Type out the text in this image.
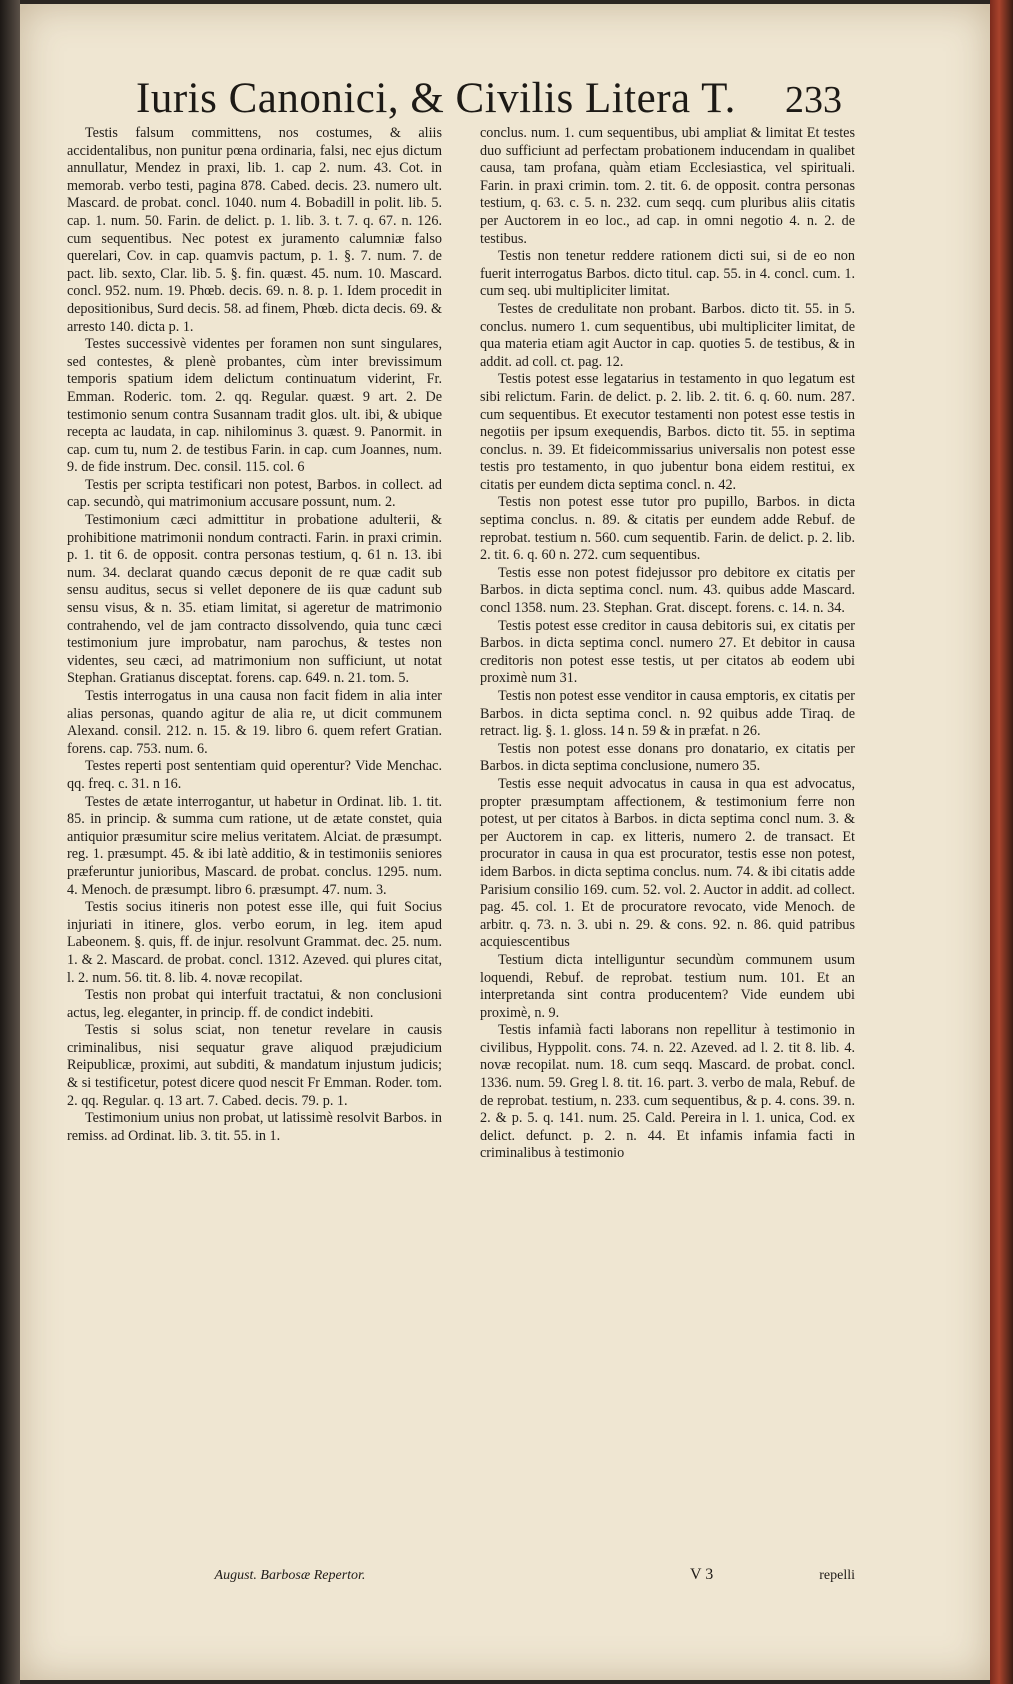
Iuris Canonici, & Civilis Litera T.	233

Testis falsum committens, nos costumes, & aliis accidentalibus, non punitur pœna ordinaria, falsi, nec ejus dictum annullatur, Mendez in praxi, lib. 1. cap 2. num. 43. Cot. in memorab. verbo testi, pagina 878. Cabed. decis. 23. numero ult. Mascard. de probat. concl. 1040. num 4. Bobadill in polit. lib. 5. cap. 1. num. 50. Farin. de delict. p. 1. lib. 3. t. 7. q. 67. n. 126. cum sequentibus. Nec potest ex juramento calumniæ falso querelari, Cov. in cap. quamvis pactum, p. 1. §. 7. num. 7. de pact. lib. sexto, Clar. lib. 5. §. fin. quæst. 45. num. 10. Mascard. concl. 952. num. 19. Phœb. decis. 69. n. 8. p. 1. Idem procedit in depositionibus, Surd decis. 58. ad finem, Phœb. dicta decis. 69. & arresto 140. dicta p. 1.

Testes successivè videntes per foramen non sunt singulares, sed contestes, & plenè probantes, cùm inter brevissimum temporis spatium idem delictum continuatum viderint, Fr. Emman. Roderic. tom. 2. qq. Regular. quæst. 9 art. 2. De testimonio senum contra Susannam tradit glos. ult. ibi, & ubique recepta ac laudata, in cap. nihilominus 3. quæst. 9. Panormit. in cap. cum tu, num 2. de testibus Farin. in cap. cum Joannes, num. 9. de fide instrum. Dec. consil. 115. col. 6

Testis per scripta testificari non potest, Barbos. in collect. ad cap. secundò, qui matrimonium accusare possunt, num. 2.

Testimonium cæci admittitur in probatione adulterii, & prohibitione matrimonii nondum contracti. Farin. in praxi crimin. p. 1. tit 6. de opposit. contra personas testium, q. 61 n. 13. ibi num. 34. declarat quando cæcus deponit de re quæ cadit sub sensu auditus, secus si vellet deponere de iis quæ cadunt sub sensu visus, & n. 35. etiam limitat, si ageretur de matrimonio contrahendo, vel de jam contracto dissolvendo, quia tunc cæci testimonium jure improbatur, nam parochus, & testes non videntes, seu cæci, ad matrimonium non sufficiunt, ut notat Stephan. Gratianus disceptat. forens. cap. 649. n. 21. tom. 5.

Testis interrogatus in una causa non facit fidem in alia inter alias personas, quando agitur de alia re, ut dicit communem Alexand. consil. 212. n. 15. & 19. libro 6. quem refert Gratian. forens. cap. 753. num. 6.

Testes reperti post sententiam quid operentur? Vide Menchac. qq. freq. c. 31. n 16.

Testes de ætate interrogantur, ut habetur in Ordinat. lib. 1. tit. 85. in princip. & summa cum ratione, ut de ætate constet, quia antiquior præsumitur scire melius veritatem. Alciat. de præsumpt. reg. 1. præsumpt. 45. & ibi latè additio, & in testimoniis seniores præferuntur junioribus, Mascard. de probat. conclus. 1295. num. 4. Menoch. de præsumpt. libro 6. præsumpt. 47. num. 3.

Testis socius itineris non potest esse ille, qui fuit Socius injuriati in itinere, glos. verbo eorum, in leg. item apud Labeonem. §. quis, ff. de injur. resolvunt Grammat. dec. 25. num. 1. & 2. Mascard. de probat. concl. 1312. Azeved. qui plures citat, l. 2. num. 56. tit. 8. lib. 4. novæ recopilat.

Testis non probat qui interfuit tractatui, & non conclusioni actus, leg. eleganter, in princip. ff. de condict indebiti.

Testis si solus sciat, non tenetur revelare in causis criminalibus, nisi sequatur grave aliquod præjudicium Reipublicæ, proximi, aut subditi, & mandatum injustum judicis; & si testificetur, potest dicere quod nescit Fr Emman. Roder. tom. 2. qq. Regular. q. 13 art. 7. Cabed. decis. 79. p. 1.

Testimonium unius non probat, ut latissimè resolvit Barbos. in remiss. ad Ordinat. lib. 3. tit. 55. in 1.

conclus. num. 1. cum sequentibus, ubi ampliat & limitat Et testes duo sufficiunt ad perfectam probationem inducendam in qualibet causa, tam profana, quàm etiam Ecclesiastica, vel spirituali. Farin. in praxi crimin. tom. 2. tit. 6. de opposit. contra personas testium, q. 63. c. 5. n. 232. cum seqq. cum pluribus aliis citatis per Auctorem in eo loc., ad cap. in omni negotio 4. n. 2. de testibus.

Testis non tenetur reddere rationem dicti sui, si de eo non fuerit interrogatus Barbos. dicto titul. cap. 55. in 4. concl. cum. 1. cum seq. ubi multipliciter limitat.

Testes de credulitate non probant. Barbos. dicto tit. 55. in 5. conclus. numero 1. cum sequentibus, ubi multipliciter limitat, de qua materia etiam agit Auctor in cap. quoties 5. de testibus, & in addit. ad coll. ct. pag. 12.

Testis potest esse legatarius in testamento in quo legatum est sibi relictum. Farin. de delict. p. 2. lib. 2. tit. 6. q. 60. num. 287. cum sequentibus. Et executor testamenti non potest esse testis in negotiis per ipsum exequendis, Barbos. dicto tit. 55. in septima conclus. n. 39. Et fideicommissarius universalis non potest esse testis pro testamento, in quo jubentur bona eidem restitui, ex citatis per eundem dicta septima concl. n. 42.

Testis non potest esse tutor pro pupillo, Barbos. in dicta septima conclus. n. 89. & citatis per eundem adde Rebuf. de reprobat. testium n. 560. cum sequentib. Farin. de delict. p. 2. lib. 2. tit. 6. q. 60 n. 272. cum sequentibus.

Testis esse non potest fidejussor pro debitore ex citatis per Barbos. in dicta septima concl. num. 43. quibus adde Mascard. concl 1358. num. 23. Stephan. Grat. discept. forens. c. 14. n. 34.

Testis potest esse creditor in causa debitoris sui, ex citatis per Barbos. in dicta septima concl. numero 27. Et debitor in causa creditoris non potest esse testis, ut per citatos ab eodem ubi proximè num 31.

Testis non potest esse venditor in causa emptoris, ex citatis per Barbos. in dicta septima concl. n. 92 quibus adde Tiraq. de retract. lig. §. 1. gloss. 14 n. 59 & in præfat. n 26.

Testis non potest esse donans pro donatario, ex citatis per Barbos. in dicta septima conclusione, numero 35.

Testis esse nequit advocatus in causa in qua est advocatus, propter præsumptam affectionem, & testimonium ferre non potest, ut per citatos à Barbos. in dicta septima concl num. 3. & per Auctorem in cap. ex litteris, numero 2. de transact. Et procurator in causa in qua est procurator, testis esse non potest, idem Barbos. in dicta septima conclus. num. 74. & ibi citatis adde Parisium consilio 169. cum. 52. vol. 2. Auctor in addit. ad collect. pag. 45. col. 1. Et de procuratore revocato, vide Menoch. de arbitr. q. 73. n. 3. ubi n. 29. & cons. 92. n. 86. quid patribus acquiescentibus

Testium dicta intelliguntur secundùm communem usum loquendi, Rebuf. de reprobat. testium num. 101. Et an interpretanda sint contra producentem? Vide eundem ubi proximè, n. 9.

Testis infamià facti laborans non repellitur à testimonio in civilibus, Hyppolit. cons. 74. n. 22. Azeved. ad l. 2. tit 8. lib. 4. novæ recopilat. num. 18. cum seqq. Mascard. de probat. concl. 1336. num. 59. Greg l. 8. tit. 16. part. 3. verbo de mala, Rebuf. de de reprobat. testium, n. 233. cum sequentibus, & p. 4. cons. 39. n. 2. & p. 5. q. 141. num. 25. Cald. Pereira in l. 1. unica, Cod. ex delict. defunct. p. 2. n. 44. Et infamis infamia facti in criminalibus à testimonio

August. Barbosæ Repertor.	V 3	repelli
